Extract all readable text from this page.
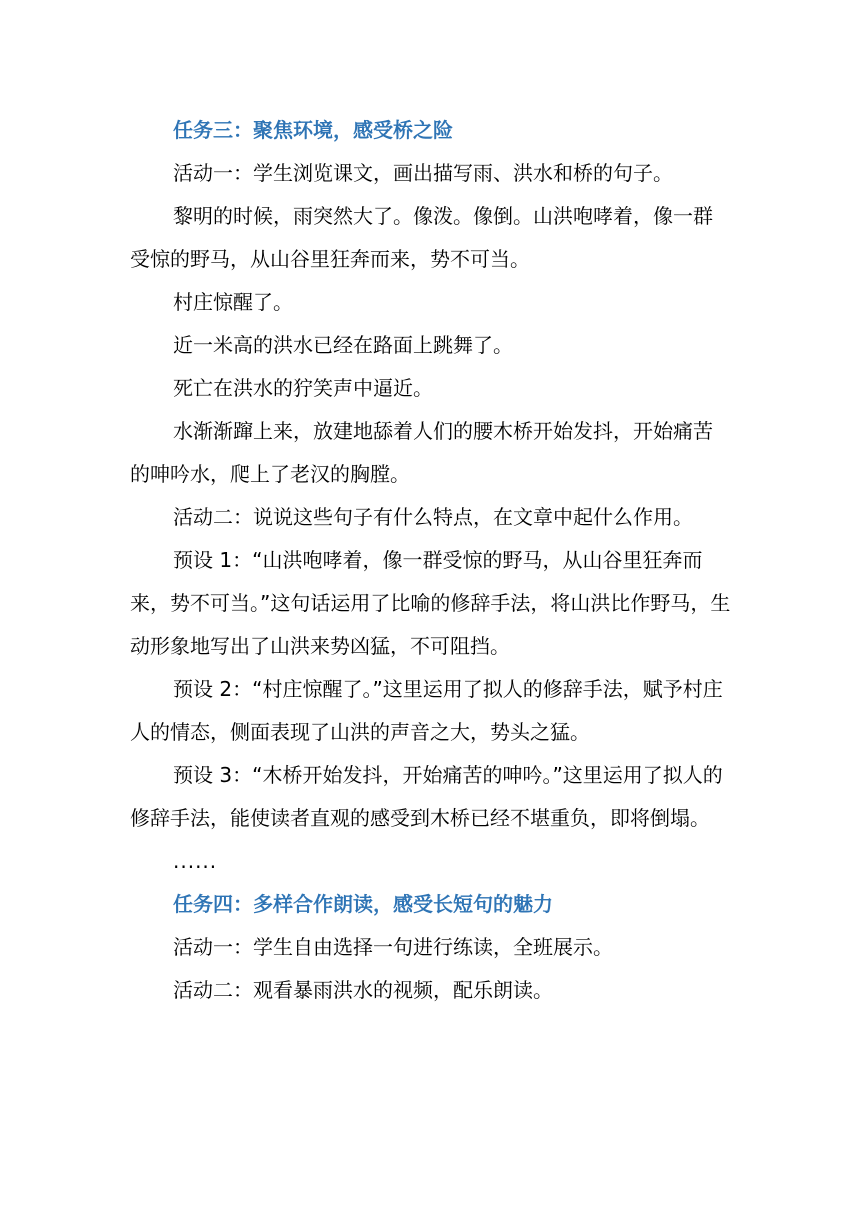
任务三：聚焦环境，感受桥之险

活动一：学生浏览课文，画出描写雨、洪水和桥的句子。

黎明的时候，雨突然大了。像泼。像倒。山洪咆哮着，像一群受惊的野马，从山谷里狂奔而来，势不可当。

村庄惊醒了。

近一米高的洪水已经在路面上跳舞了。

死亡在洪水的狞笑声中逼近。

水渐渐蹿上来，放建地舔着人们的腰木桥开始发抖，开始痛苦的呻吟水，爬上了老汉的胸膛。

活动二：说说这些句子有什么特点，在文章中起什么作用。

预设 1：“山洪咆哮着，像一群受惊的野马，从山谷里狂奔而来，势不可当。”这句话运用了比喻的修辞手法，将山洪比作野马，生动形象地写出了山洪来势凶猛，不可阻挡。

预设 2：“村庄惊醒了。”这里运用了拟人的修辞手法，赋予村庄人的情态，侧面表现了山洪的声音之大，势头之猛。

预设 3：“木桥开始发抖，开始痛苦的呻吟。”这里运用了拟人的修辞手法，能使读者直观的感受到木桥已经不堪重负，即将倒塌。

......

任务四：多样合作朗读，感受长短句的魅力

活动一：学生自由选择一句进行练读，全班展示。

活动二：观看暴雨洪水的视频，配乐朗读。
